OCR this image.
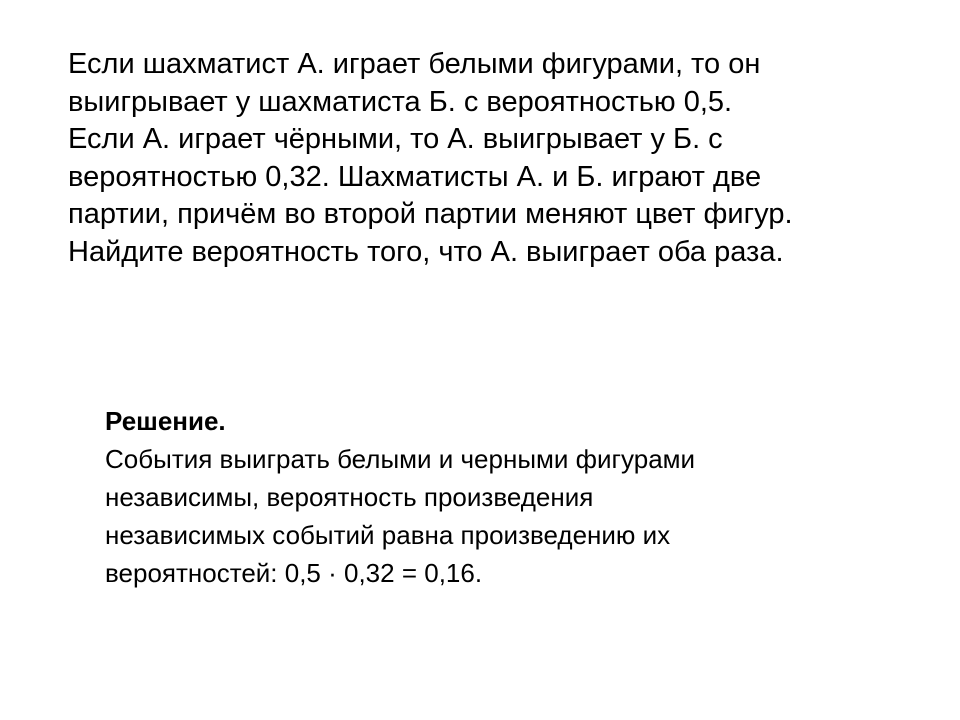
Если шахматист А. играет белыми фигурами, то он
выигрывает у шахматиста Б. с вероятностью 0,5.
Если А. играет чёрными, то А. выигрывает у Б. с
вероятностью 0,32. Шахматисты А. и Б. играют две
партии, причём во второй партии меняют цвет фигур.
Найдите вероятность того, что А. выиграет оба раза.
Решение.
События выиграть белыми и черными фигурами
независимы, вероятность произведения
независимых событий равна произведению их
вероятностей: 0,5 · 0,32 = 0,16.
